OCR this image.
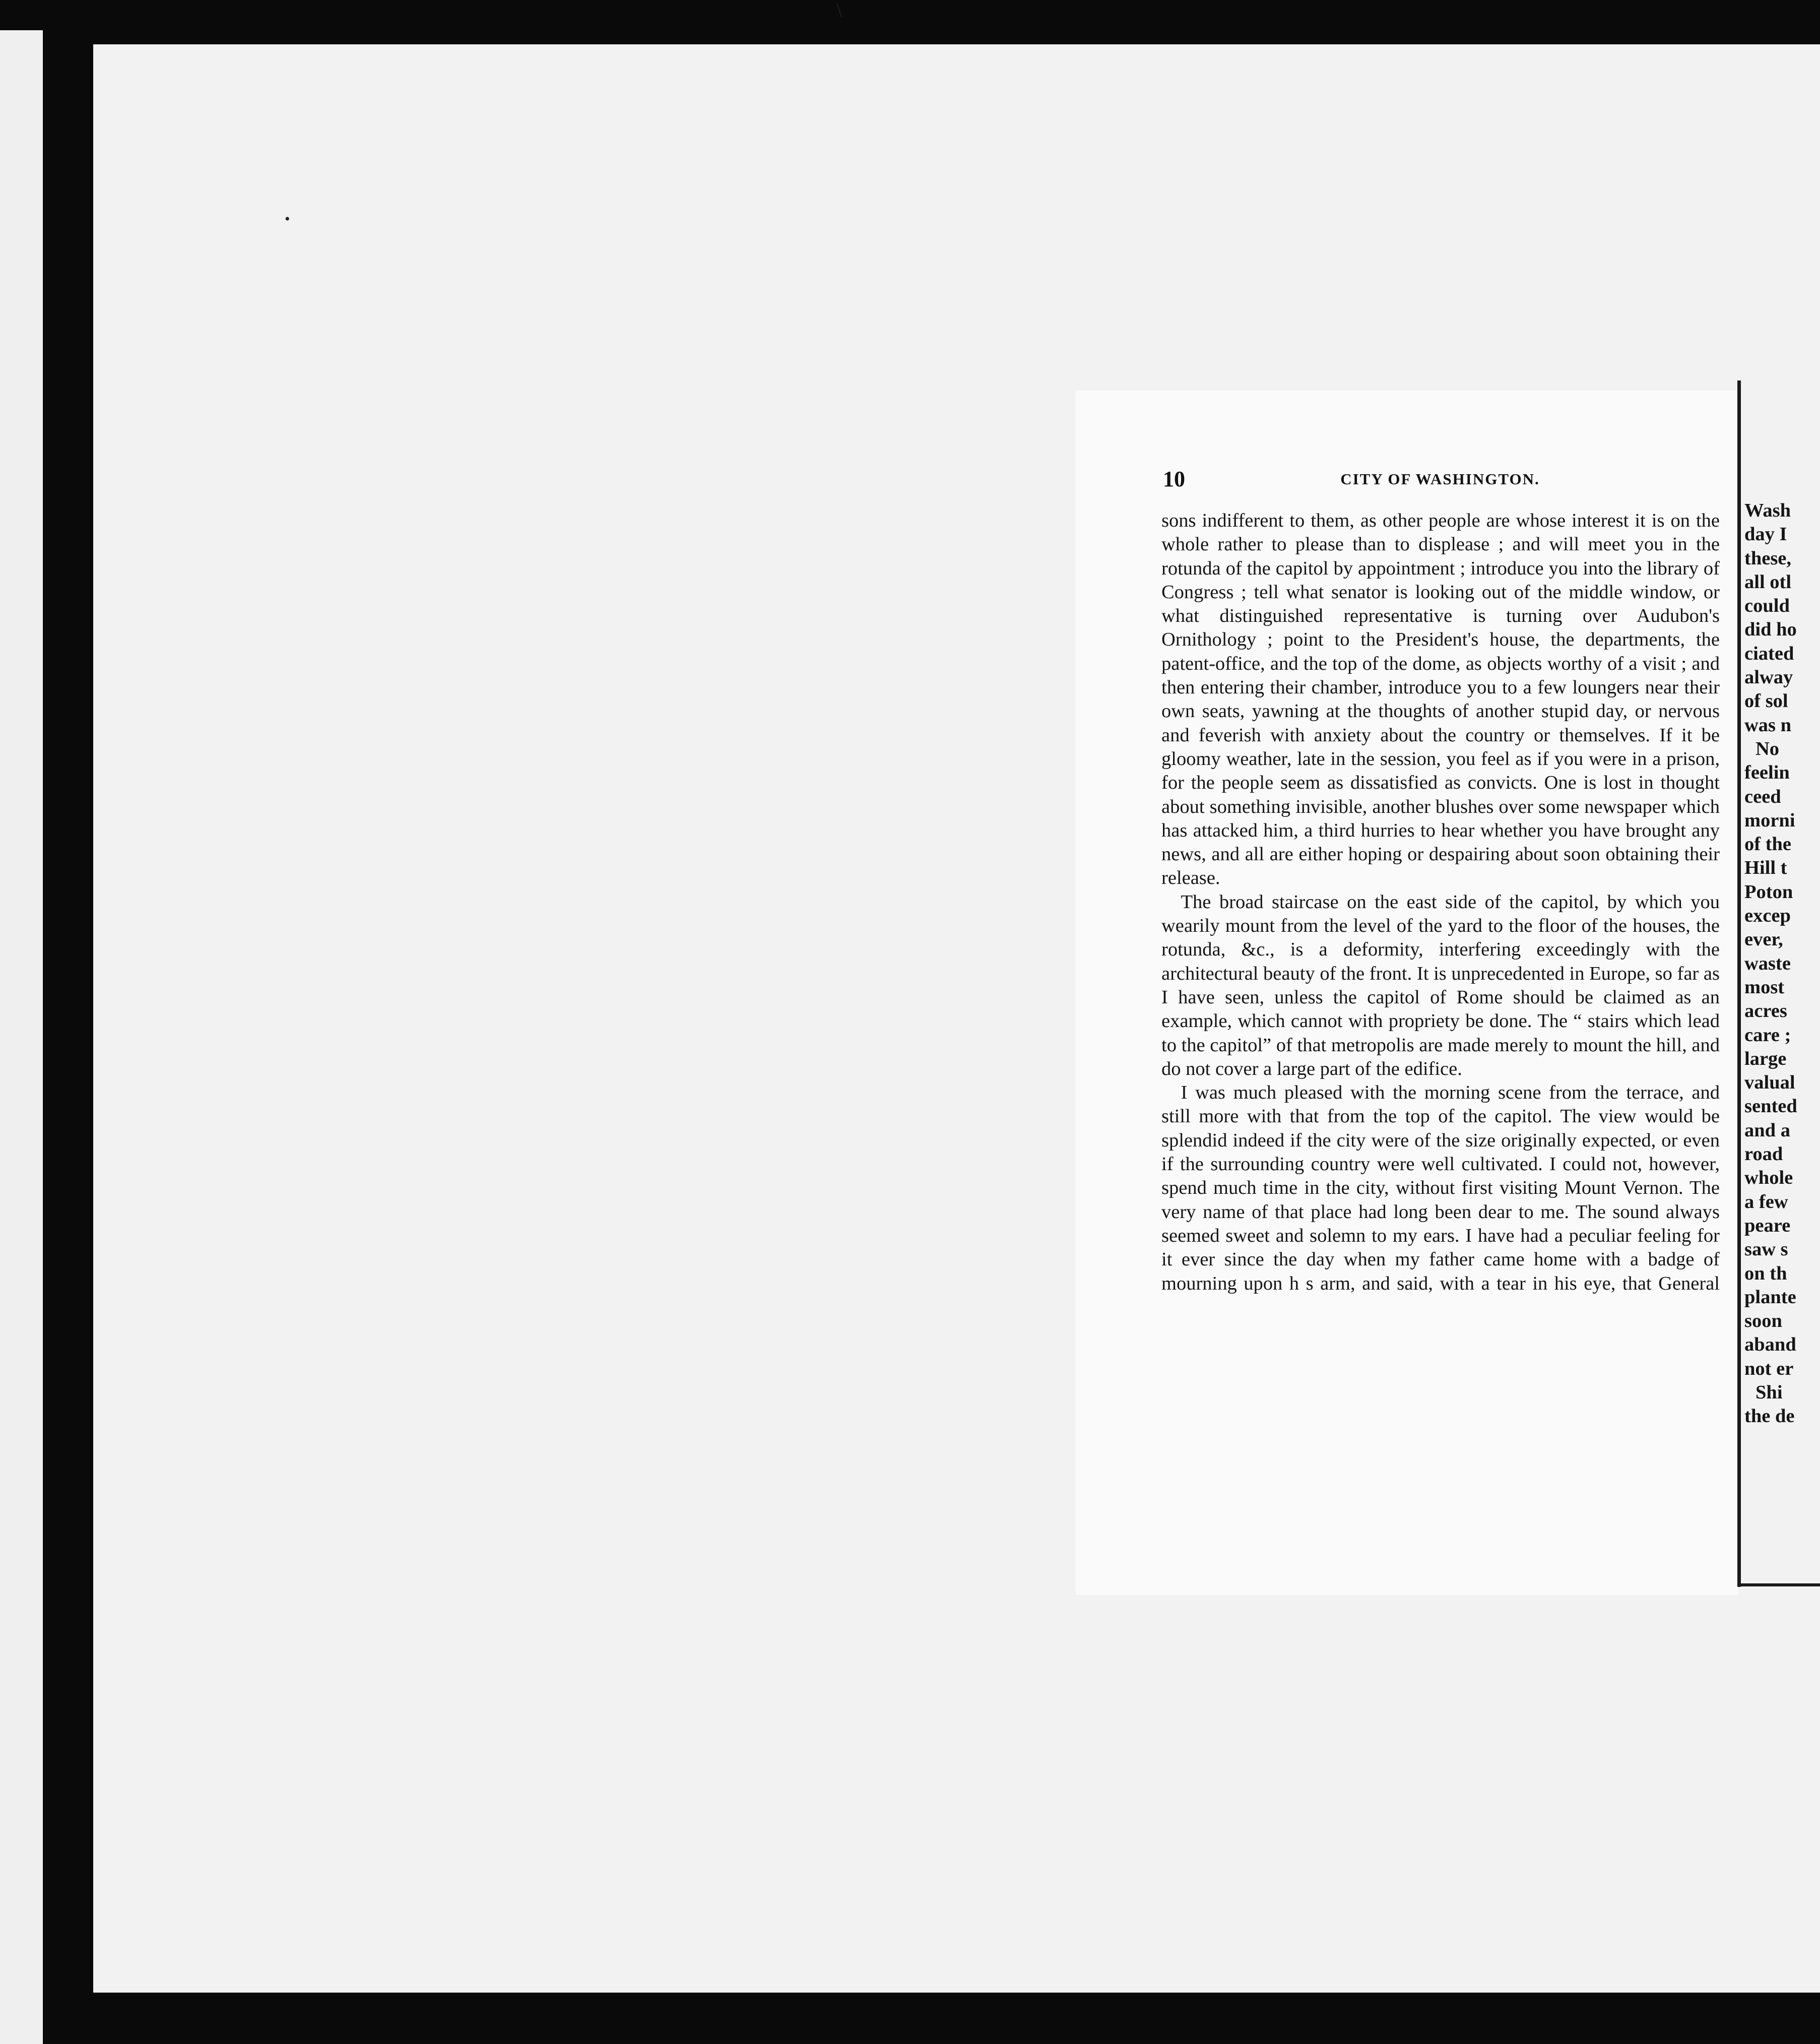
\
•
10	CITY OF WASHINGTON.

sons indifferent to them, as other people are whose interest it is on the whole rather to please than to displease ; and will meet you in the rotunda of the capitol by appointment ; introduce you into the library of Congress ; tell what senator is looking out of the middle window, or what distinguished representative is turning over Audubon's Ornithology ; point to the President's house, the departments, the patent-office, and the top of the dome, as objects worthy of a visit ; and then entering their chamber, introduce you to a few loungers near their own seats, yawning at the thoughts of another stupid day, or nervous and feverish with anxiety about the country or themselves. If it be gloomy weather, late in the session, you feel as if you were in a prison, for the people seem as dissatisfied as convicts. One is lost in thought about something invisible, another blushes over some newspaper which has attacked him, a third hurries to hear whether you have brought any news, and all are either hoping or despairing about soon obtaining their release.

The broad staircase on the east side of the capitol, by which you wearily mount from the level of the yard to the floor of the houses, the rotunda, &c., is a deformity, interfering exceedingly with the architectural beauty of the front. It is unprecedented in Europe, so far as I have seen, unless the capitol of Rome should be claimed as an example, which cannot with propriety be done. The “ stairs which lead to the capitol” of that metropolis are made merely to mount the hill, and do not cover a large part of the edifice.

I was much pleased with the morning scene from the terrace, and still more with that from the top of the capitol. The view would be splendid indeed if the city were of the size originally expected, or even if the surrounding country were well cultivated. I could not, however, spend much time in the city, without first visiting Mount Vernon. The very name of that place had long been dear to me. The sound always seemed sweet and solemn to my ears. I have had a peculiar feeling for it ever since the day when my father came home with a badge of mourning upon h s arm, and said, with a tear in his eye, that General

Wash
day I
these,
all otl
could
did ho
ciated
alway
of sol
was n
No
feelin
ceed
morni
of the
Hill t
Poton
excep
ever,
waste
most
acres
care ;
large
valual
sented
and a
road
whole
a few
peare
saw s
on th
plante
soon
aband
not er
Shi
the de
